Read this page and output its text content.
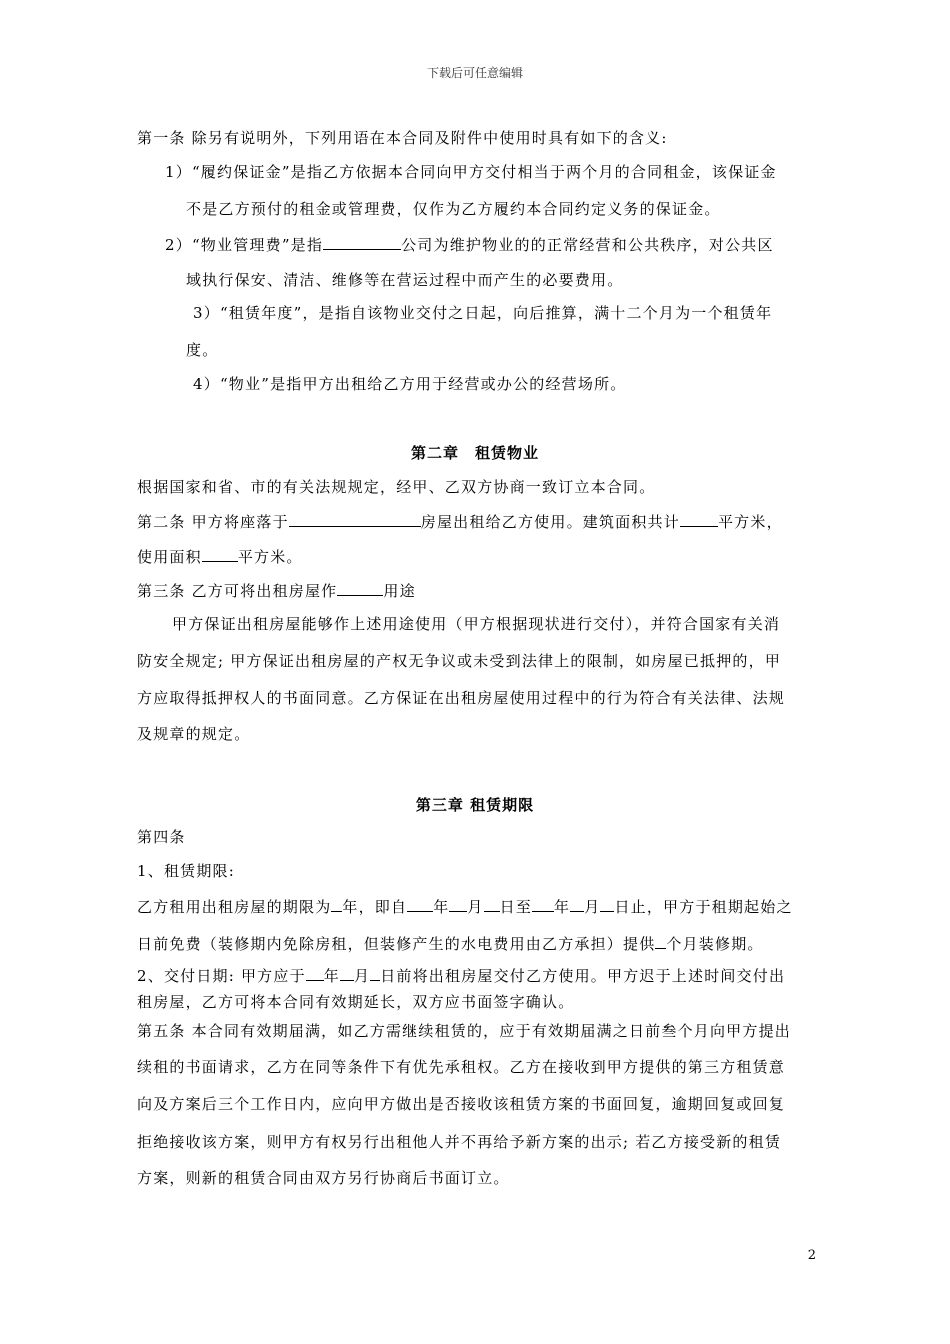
下载后可任意编辑

第一条 除另有说明外，下列用语在本合同及附件中使用时具有如下的含义:

1）“履约保证金”是指乙方依据本合同向甲方交付相当于两个月的合同租金，该保证金

不是乙方预付的租金或管理费，仅作为乙方履约本合同约定义务的保证金。

2）“物业管理费”是指	公司为维护物业的的正常经营和公共秩序，对公共区

域执行保安、清洁、维修等在营运过程中而产生的必要费用。

3）“租赁年度”，是指自该物业交付之日起，向后推算，满十二个月为一个租赁年

度。

4）“物业”是指甲方出租给乙方用于经营或办公的经营场所。

第二章　租赁物业

根据国家和省、市的有关法规规定，经甲、乙双方协商一致订立本合同。

第二条 甲方将座落于	房屋出租给乙方使用。建筑面积共计	平方米，

使用面积 平方米。

第三条 乙方可将出租房屋作	用途

甲方保证出租房屋能够作上述用途使用（甲方根据现状进行交付），并符合国家有关消

防安全规定; 甲方保证出租房屋的产权无争议或未受到法律上的限制，如房屋已抵押的，甲

方应取得抵押权人的书面同意。乙方保证在出租房屋使用过程中的行为符合有关法律、法规

及规章的规定。

第三章 租赁期限

第四条

1、租赁期限:

乙方租用出租房屋的期限为 年，即自 年 月 日至 年 月 日止，甲方于租期起始之

日前免费（装修期内免除房租，但装修产生的水电费用由乙方承担）提供 个月装修期。

2、交付日期: 甲方应于 年 月 日前将出租房屋交付乙方使用。甲方迟于上述时间交付出

租房屋，乙方可将本合同有效期延长，双方应书面签字确认。

第五条 本合同有效期届满，如乙方需继续租赁的，应于有效期届满之日前叁个月向甲方提出

续租的书面请求，乙方在同等条件下有优先承租权。乙方在接收到甲方提供的第三方租赁意

向及方案后三个工作日内，应向甲方做出是否接收该租赁方案的书面回复，逾期回复或回复

拒绝接收该方案，则甲方有权另行出租他人并不再给予新方案的出示; 若乙方接受新的租赁

方案，则新的租赁合同由双方另行协商后书面订立。

2
